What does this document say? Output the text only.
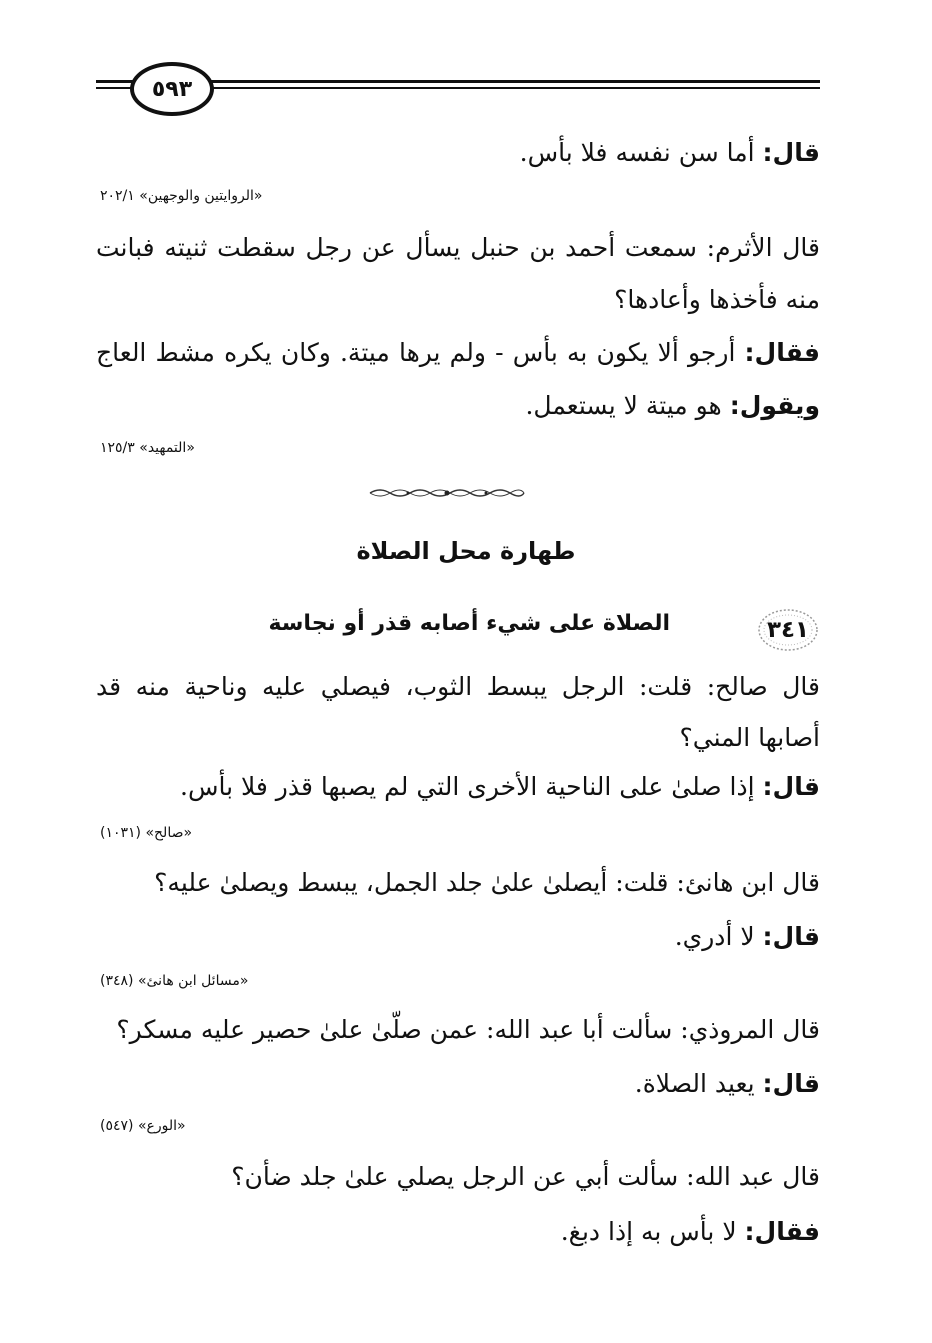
٥٩٣
قال: أما سن نفسه فلا بأس.
«الروايتين والوجهين» ٢٠٢/١
قال الأثرم: سمعت أحمد بن حنبل يسأل عن رجل سقطت ثنيته فبانت
منه فأخذها وأعادها؟
فقال: أرجو ألا يكون به بأس - ولم يرها ميتة. وكان يكره مشط العاج
ويقول: هو ميتة لا يستعمل.
«التمهيد» ١٢٥/٣
طهارة محل الصلاة
٣٤١
الصلاة على شيء أصابه قذر أو نجاسة
قال صالح: قلت: الرجل يبسط الثوب، فيصلي عليه وناحية منه قد
أصابها المني؟
قال: إذا صلىٰ على الناحية الأخرى التي لم يصبها قذر فلا بأس.
«صالح» (١٠٣١)
قال ابن هانئ: قلت: أيصلىٰ علىٰ جلد الجمل، يبسط ويصلىٰ عليه؟
قال: لا أدري.
«مسائل ابن هانئ» (٣٤٨)
قال المروذي: سألت أبا عبد الله: عمن صلّىٰ علىٰ حصير عليه مسكر؟
قال: يعيد الصلاة.
«الورع» (٥٤٧)
قال عبد الله: سألت أبي عن الرجل يصلي علىٰ جلد ضأن؟
فقال: لا بأس به إذا دبغ.
